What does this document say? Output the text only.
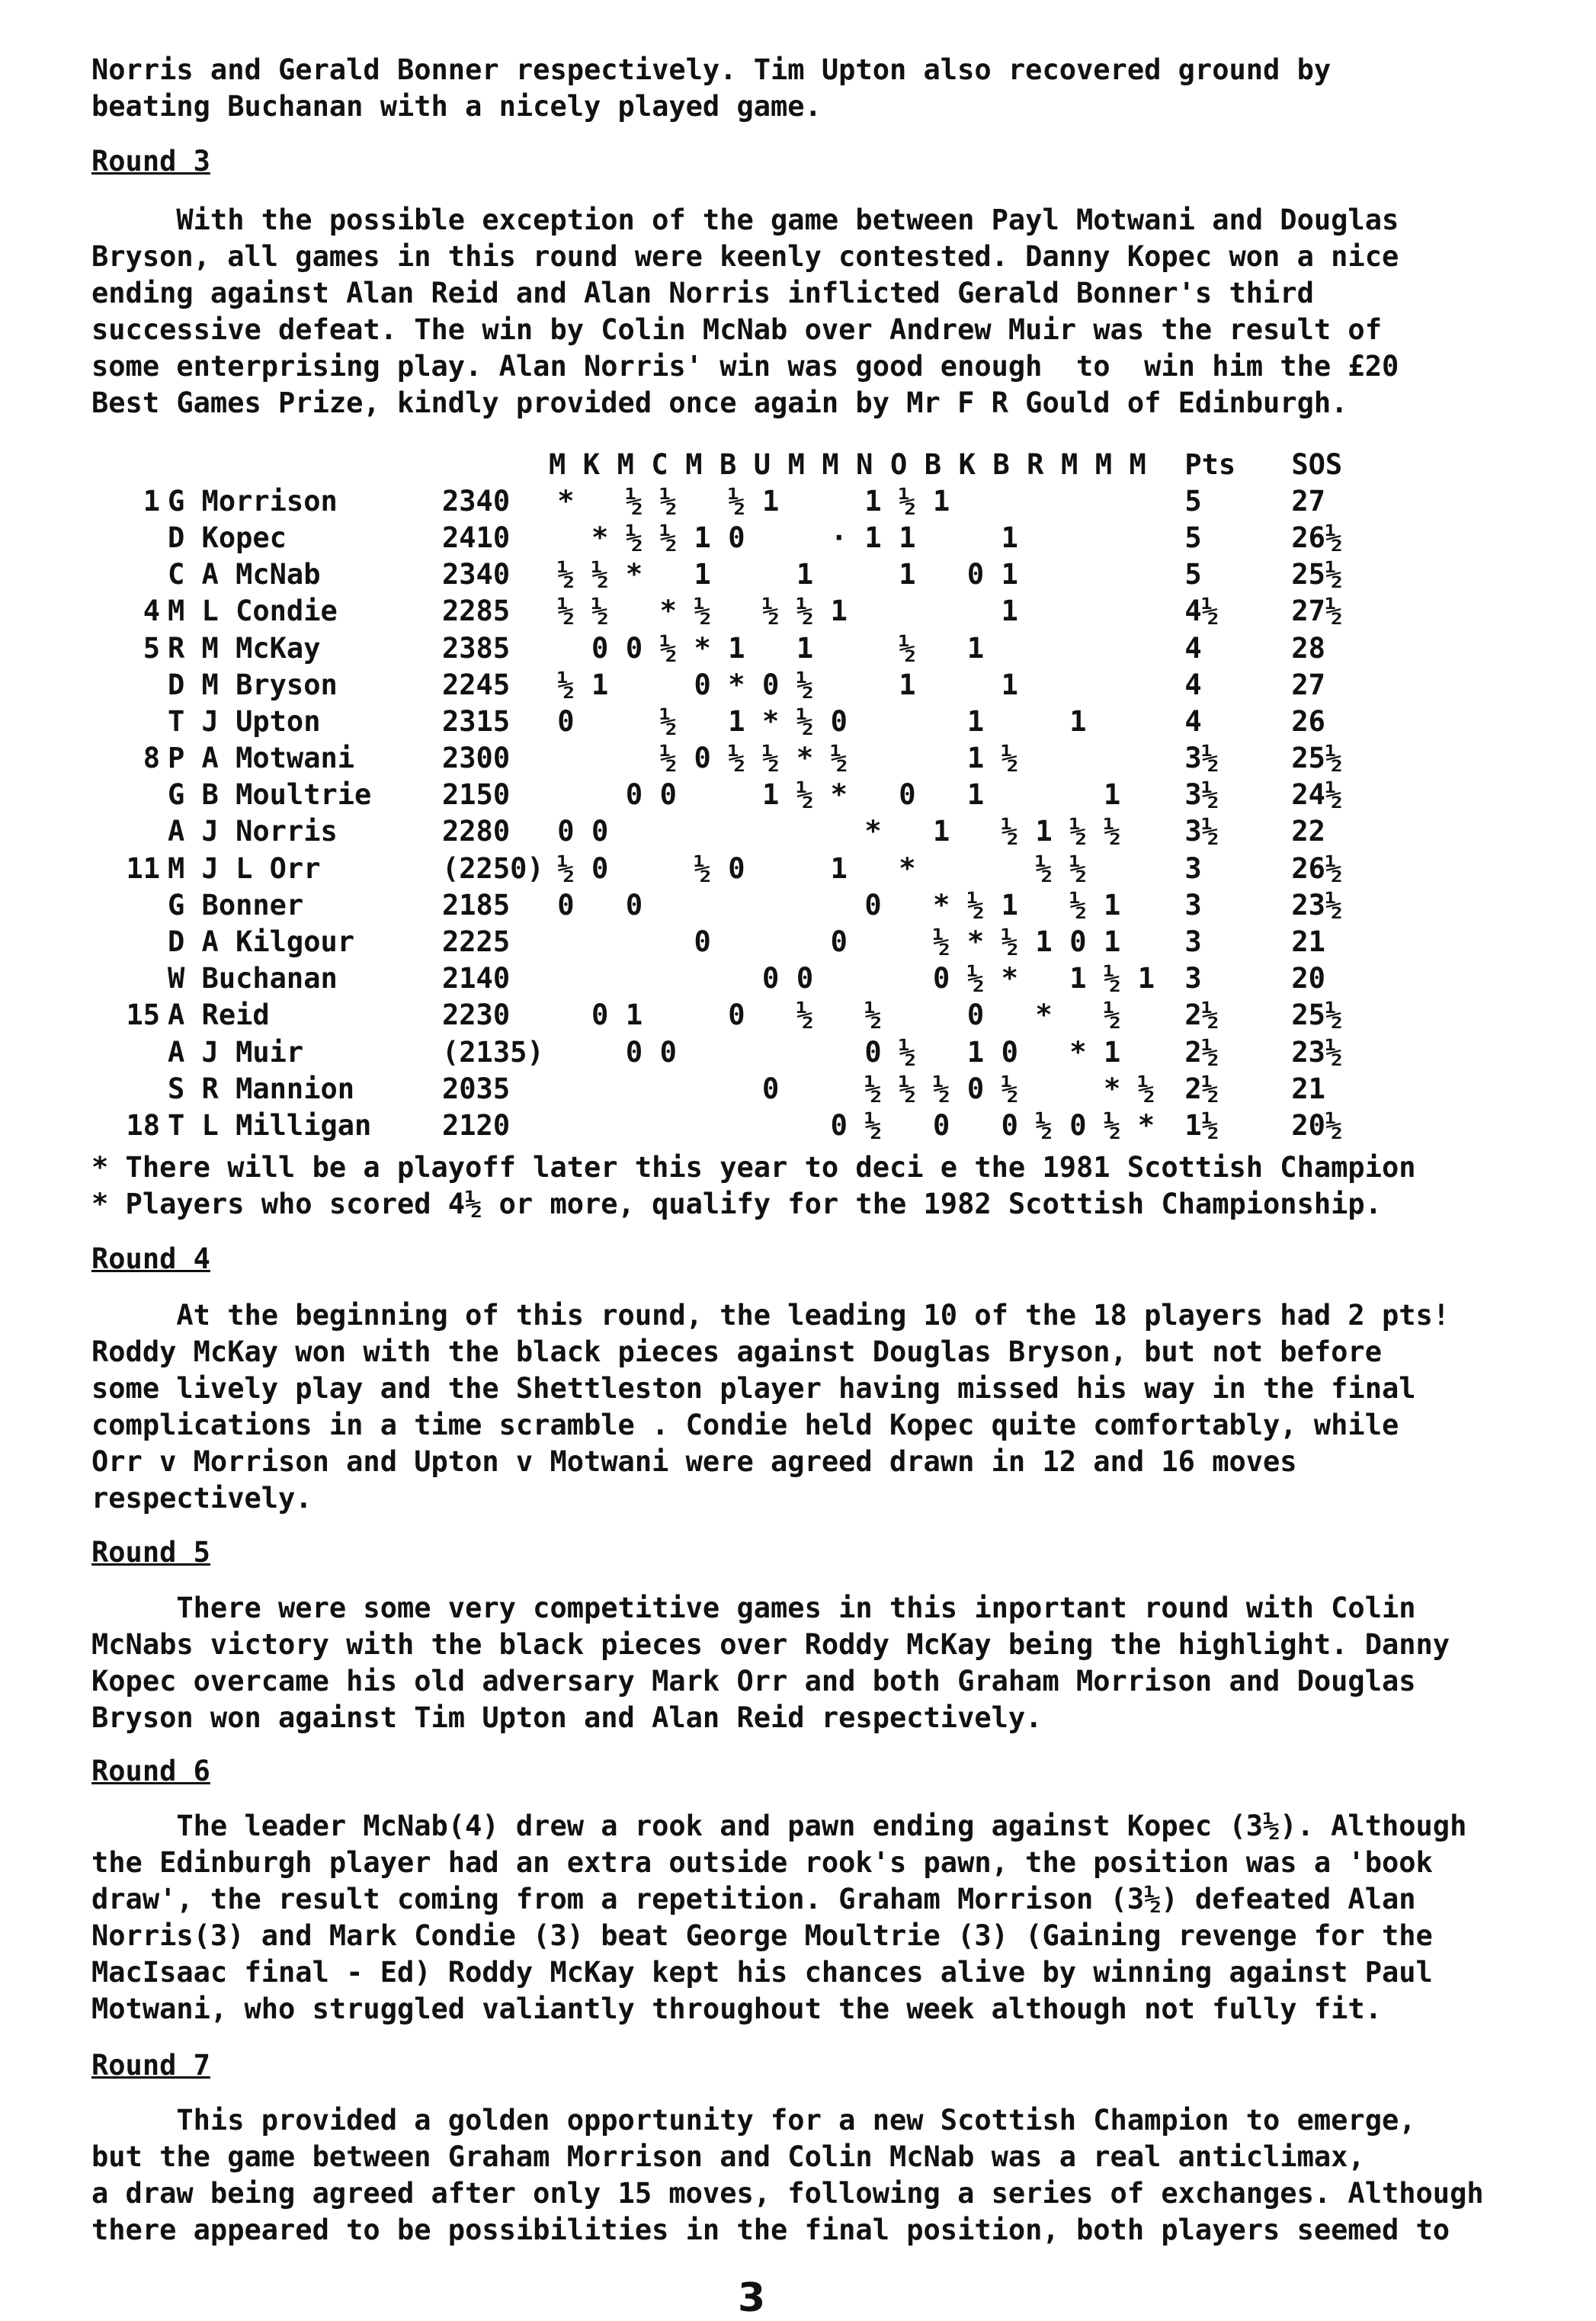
Norris and Gerald Bonner respectively. Tim Upton also recovered ground by

beating Buchanan with a nicely played game.

Round 3

With the possible exception of the game between Payl Motwani and Douglas

Bryson, all games in this round were keenly contested. Danny Kopec won a nice

ending against Alan Reid and Alan Norris inflicted Gerald Bonner's third

successive defeat. The win by Colin McNab over Andrew Muir was the result of

some enterprising play. Alan Norris' win was good enough  to  win him the £20

Best Games Prize, kindly provided once again by Mr F R Gould of Edinburgh.

			M	K	M	C	M	B	U	M	M	N	O	B	K	B	R	M	M	M	Pts	SOS
1	G Morrison	2340	*		½	½		½	1			1	½	1							5	27
	D Kopec	2410		*	½	½	1	0			·	1	1			1					5	26½
	C A McNab	2340	½	½	*		1			1			1		0	1					5	25½
4	M L Condie	2285	½	½		*	½		½	½	1					1					4½	27½
5	R M McKay	2385		0	0	½	*	1		1			½		1						4	28
	D M Bryson	2245	½	1			0	*	0	½			1			1					4	27
	T J Upton	2315	0			½		1	*	½	0				1			1			4	26
8	P A Motwani	2300				½	0	½	½	*	½				1	½					3½	25½
	G B Moultrie	2150			0	0			1	½	*		0		1				1		3½	24½
	A J Norris	2280	0	0								*		1		½	1	½	½		3½	22
11	M J L Orr	(2250)	½	0			½	0			1		*				½	½			3	26½
	G Bonner	2185	0		0							0		*	½	1		½	1		3	23½
	D A Kilgour	2225					0				0			½	*	½	1	0	1		3	21
	W Buchanan	2140							0	0				0	½	*		1	½	1	3	20
15	A Reid	2230		0	1			0		½		½			0		*		½		2½	25½
	A J Muir	(2135)			0	0						0	½		1	0		*	1		2½	23½
	S R Mannion	2035							0			½	½	½	0	½			*	½	2½	21
18	T L Milligan	2120									0	½		0		0	½	0	½	*	1½	20½

* There will be a playoff later this year to deci e the 1981 Scottish Champion

* Players who scored 4½ or more, qualify for the 1982 Scottish Championship.

Round 4

At the beginning of this round, the leading 10 of the 18 players had 2 pts!

Roddy McKay won with the black pieces against Douglas Bryson, but not before

some lively play and the Shettleston player having missed his way in the final

complications in a time scramble . Condie held Kopec quite comfortably, while

Orr v Morrison and Upton v Motwani were agreed drawn in 12 and 16 moves

respectively.

Round 5

There were some very competitive games in this inportant round with Colin

McNabs victory with the black pieces over Roddy McKay being the highlight. Danny

Kopec overcame his old adversary Mark Orr and both Graham Morrison and Douglas

Bryson won against Tim Upton and Alan Reid respectively.

Round 6

The leader McNab(4) drew a rook and pawn ending against Kopec (3½). Although

the Edinburgh player had an extra outside rook's pawn, the position was a 'book

draw', the result coming from a repetition. Graham Morrison (3½) defeated Alan

Norris(3) and Mark Condie (3) beat George Moultrie (3) (Gaining revenge for the

MacIsaac final - Ed) Roddy McKay kept his chances alive by winning against Paul

Motwani, who struggled valiantly throughout the week although not fully fit.

Round 7

This provided a golden opportunity for a new Scottish Champion to emerge,

but the game between Graham Morrison and Colin McNab was a real anticlimax,

a draw being agreed after only 15 moves, following a series of exchanges. Although

there appeared to be possibilities in the final position, both players seemed to

3
